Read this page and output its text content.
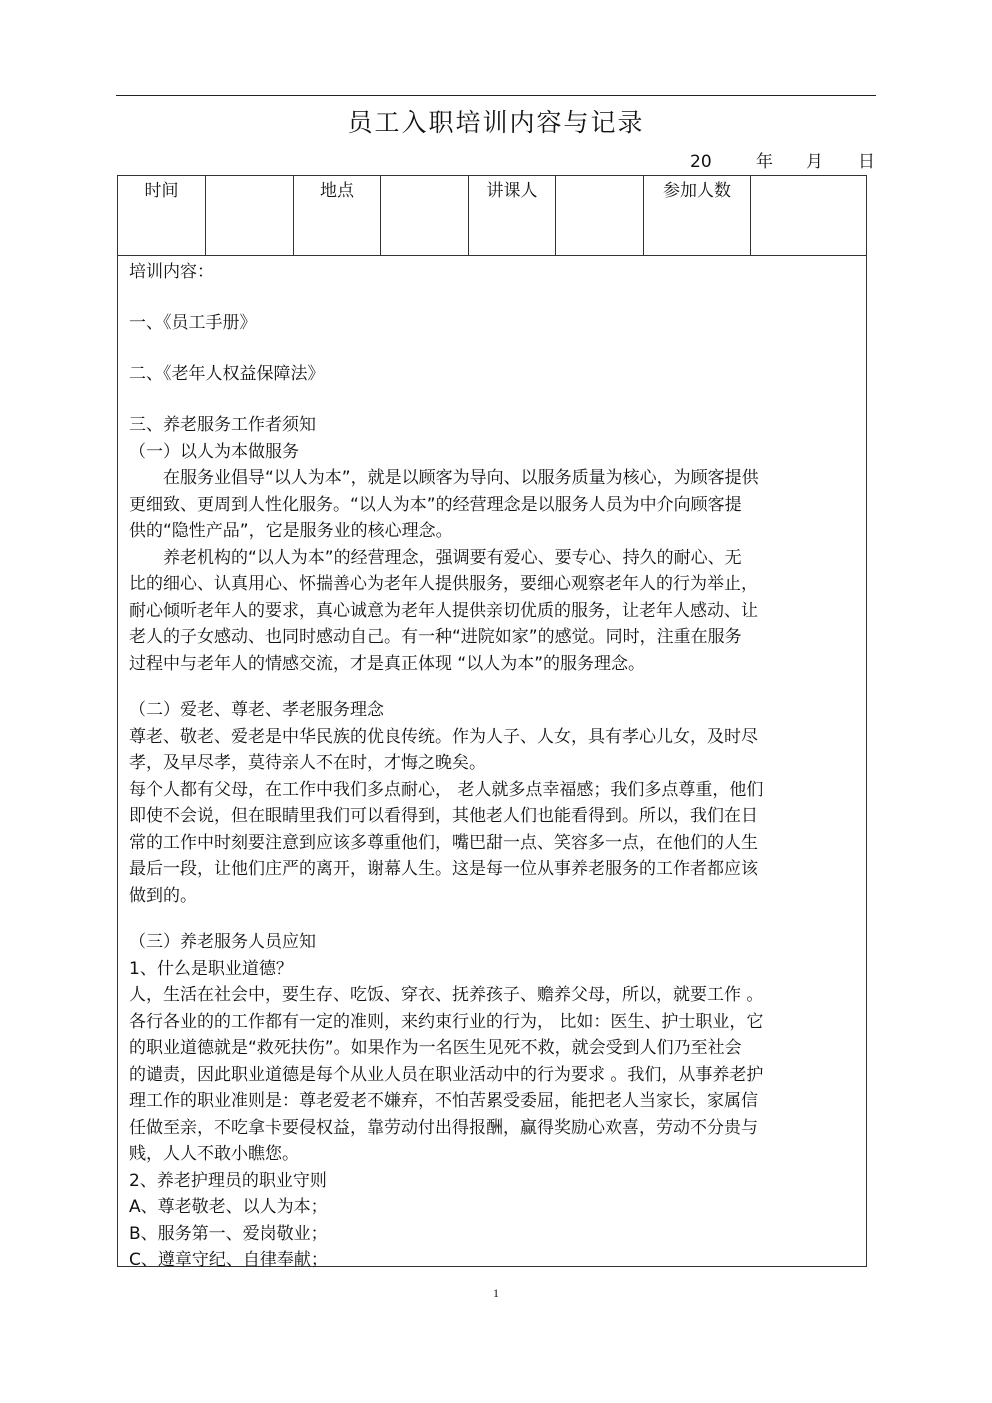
员工入职培训内容与记录
20	年 月 日
时间	地点	讲课人	参加人数
培训内容：
一、《员工手册》
二、《老年人权益保障法》
三、养老服务工作者须知
（一）以人为本做服务
　　在服务业倡导“以人为本”，就是以顾客为导向、以服务质量为核心，为顾客提供
更细致、更周到人性化服务。“以人为本”的经营理念是以服务人员为中介向顾客提
供的“隐性产品”，它是服务业的核心理念。
　　养老机构的“以人为本”的经营理念，强调要有爱心、要专心、持久的耐心、无
比的细心、认真用心、怀揣善心为老年人提供服务，要细心观察老年人的行为举止，
耐心倾听老年人的要求，真心诚意为老年人提供亲切优质的服务，让老年人感动、让
老人的子女感动、也同时感动自己。有一种“进院如家”的感觉。同时，注重在服务
过程中与老年人的情感交流，才是真正体现 “以人为本”的服务理念。
（二）爱老、尊老、孝老服务理念
尊老、敬老、爱老是中华民族的优良传统。作为人子、人女，具有孝心儿女，及时尽
孝，及早尽孝，莫待亲人不在时，才悔之晚矣。
每个人都有父母，在工作中我们多点耐心， 老人就多点幸福感；我们多点尊重，他们
即使不会说，但在眼睛里我们可以看得到，其他老人们也能看得到。所以，我们在日
常的工作中时刻要注意到应该多尊重他们，嘴巴甜一点、笑容多一点，在他们的人生
最后一段，让他们庄严的离开，谢幕人生。这是每一位从事养老服务的工作者都应该
做到的。
（三）养老服务人员应知
1、什么是职业道德？
人，生活在社会中，要生存、吃饭、穿衣、抚养孩子、赡养父母，所以，就要工作 。
各行各业的的工作都有一定的准则，来约束行业的行为， 比如：医生、护士职业，它
的职业道德就是“救死扶伤”。如果作为一名医生见死不救，就会受到人们乃至社会
的谴责，因此职业道德是每个从业人员在职业活动中的行为要求 。我们，从事养老护
理工作的职业准则是：尊老爱老不嫌弃，不怕苦累受委屈，能把老人当家长，家属信
任做至亲，不吃拿卡要侵权益，靠劳动付出得报酬，赢得奖励心欢喜，劳动不分贵与
贱，人人不敢小瞧您。
2、养老护理员的职业守则
A、尊老敬老、以人为本；
B、服务第一、爱岗敬业；
C、遵章守纪、自律奉献；
1
